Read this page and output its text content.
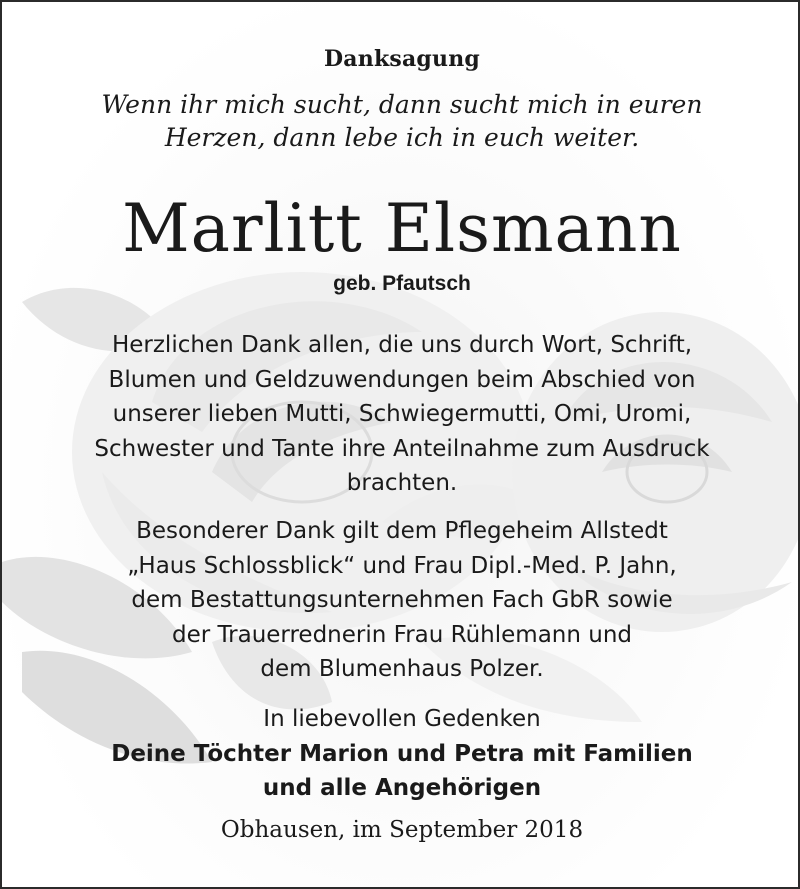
Danksagung
Wenn ihr mich sucht, dann sucht mich in euren
Herzen, dann lebe ich in euch weiter.
Marlitt Elsmann
geb. Pfautsch
Herzlichen Dank allen, die uns durch Wort, Schrift,
Blumen und Geldzuwendungen beim Abschied von
unserer lieben Mutti, Schwiegermutti, Omi, Uromi,
Schwester und Tante ihre Anteilnahme zum Ausdruck
brachten.
Besonderer Dank gilt dem Pflegeheim Allstedt
„Haus Schlossblick“ und Frau Dipl.-Med. P. Jahn,
dem Bestattungsunternehmen Fach GbR sowie
der Trauerrednerin Frau Rühlemann und
dem Blumenhaus Polzer.
In liebevollen Gedenken
Deine Töchter Marion und Petra mit Familien
und alle Angehörigen
Obhausen, im September 2018
